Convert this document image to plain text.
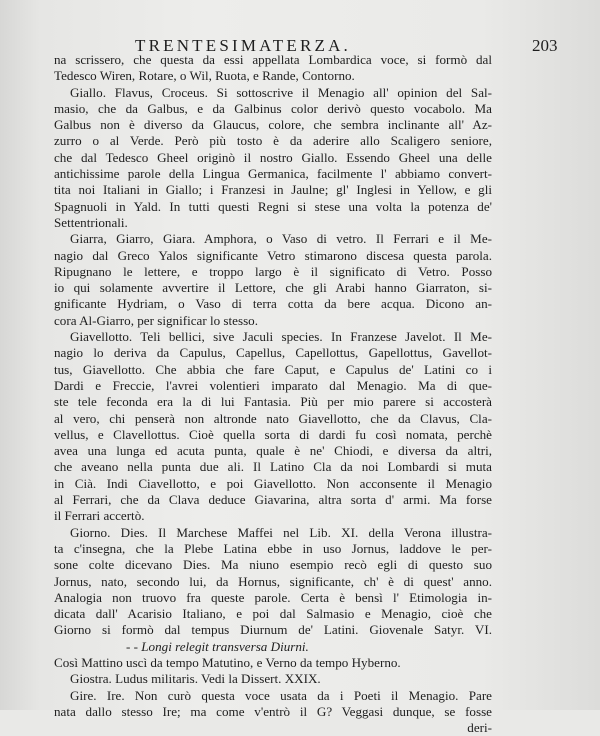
TRENTESIMATERZA.	203
na scrissero, che questa da essi appellata Lombardica voce, si formò dal
Tedesco Wiren, Rotare, o Wil, Ruota, e Rande, Contorno.
Giallo. Flavus, Croceus. Si sottoscrive il Menagio all' opinion del Sal-
masio, che da Galbus, e da Galbinus color derivò questo vocabolo. Ma
Galbus non è diverso da Glaucus, colore, che sembra inclinante all' Az-
zurro o al Verde. Però più tosto è da aderire allo Scaligero seniore,
che dal Tedesco Gheel originò il nostro Giallo. Essendo Gheel una delle
antichissime parole della Lingua Germanica, facilmente l' abbiamo convert-
tita noi Italiani in Giallo; i Franzesi in Jaulne; gl' Inglesi in Yellow, e gli
Spagnuoli in Yald. In tutti questi Regni si stese una volta la potenza de'
Settentrionali.
Giarra, Giarro, Giara. Amphora, o Vaso di vetro. Il Ferrari e il Me-
nagio dal Greco Yalos significante Vetro stimarono discesa questa parola.
Ripugnano le lettere, e troppo largo è il significato di Vetro. Posso
io qui solamente avvertire il Lettore, che gli Arabi hanno Giarraton, si-
gnificante Hydriam, o Vaso di terra cotta da bere acqua. Dicono an-
cora Al-Giarro, per significar lo stesso.
Giavellotto. Teli bellici, sive Jaculi species. In Franzese Javelot. Il Me-
nagio lo deriva da Capulus, Capellus, Capellottus, Gapellottus, Gavellot-
tus, Giavellotto. Che abbia che fare Caput, e Capulus de' Latini co i
Dardi e Freccie, l'avrei volentieri imparato dal Menagio. Ma di que-
ste tele feconda era la di lui Fantasia. Più per mio parere si accosterà
al vero, chi penserà non altronde nato Giavellotto, che da Clavus, Cla-
vellus, e Clavellottus. Cioè quella sorta di dardi fu così nomata, perchè
avea una lunga ed acuta punta, quale è ne' Chiodi, e diversa da altri,
che aveano nella punta due ali. Il Latino Cla da noi Lombardi si muta
in Cià. Indi Ciavellotto, e poi Giavellotto. Non acconsente il Menagio
al Ferrari, che da Clava deduce Giavarina, altra sorta d' armi. Ma forse
il Ferrari accertò.
Giorno. Dies. Il Marchese Maffei nel Lib. XI. della Verona illustra-
ta c'insegna, che la Plebe Latina ebbe in uso Jornus, laddove le per-
sone colte dicevano Dies. Ma niuno esempio recò egli di questo suo
Jornus, nato, secondo lui, da Hornus, significante, ch' è di quest' anno.
Analogia non truovo fra queste parole. Certa è bensì l' Etimologia in-
dicata dall' Acarisio Italiano, e poi dal Salmasio e Menagio, cioè che
Giorno si formò dal tempus Diurnum de' Latini. Giovenale Satyr. VI.
- - Longi relegit transversa Diurni.
Così Mattino uscì da tempo Matutino, e Verno da tempo Hyberno.
Giostra. Ludus militaris. Vedi la Dissert. XXIX.
Gire. Ire. Non curò questa voce usata da i Poeti il Menagio. Pare
nata dallo stesso Ire; ma come v'entrò il G? Veggasi dunque, se fosse
deri-
